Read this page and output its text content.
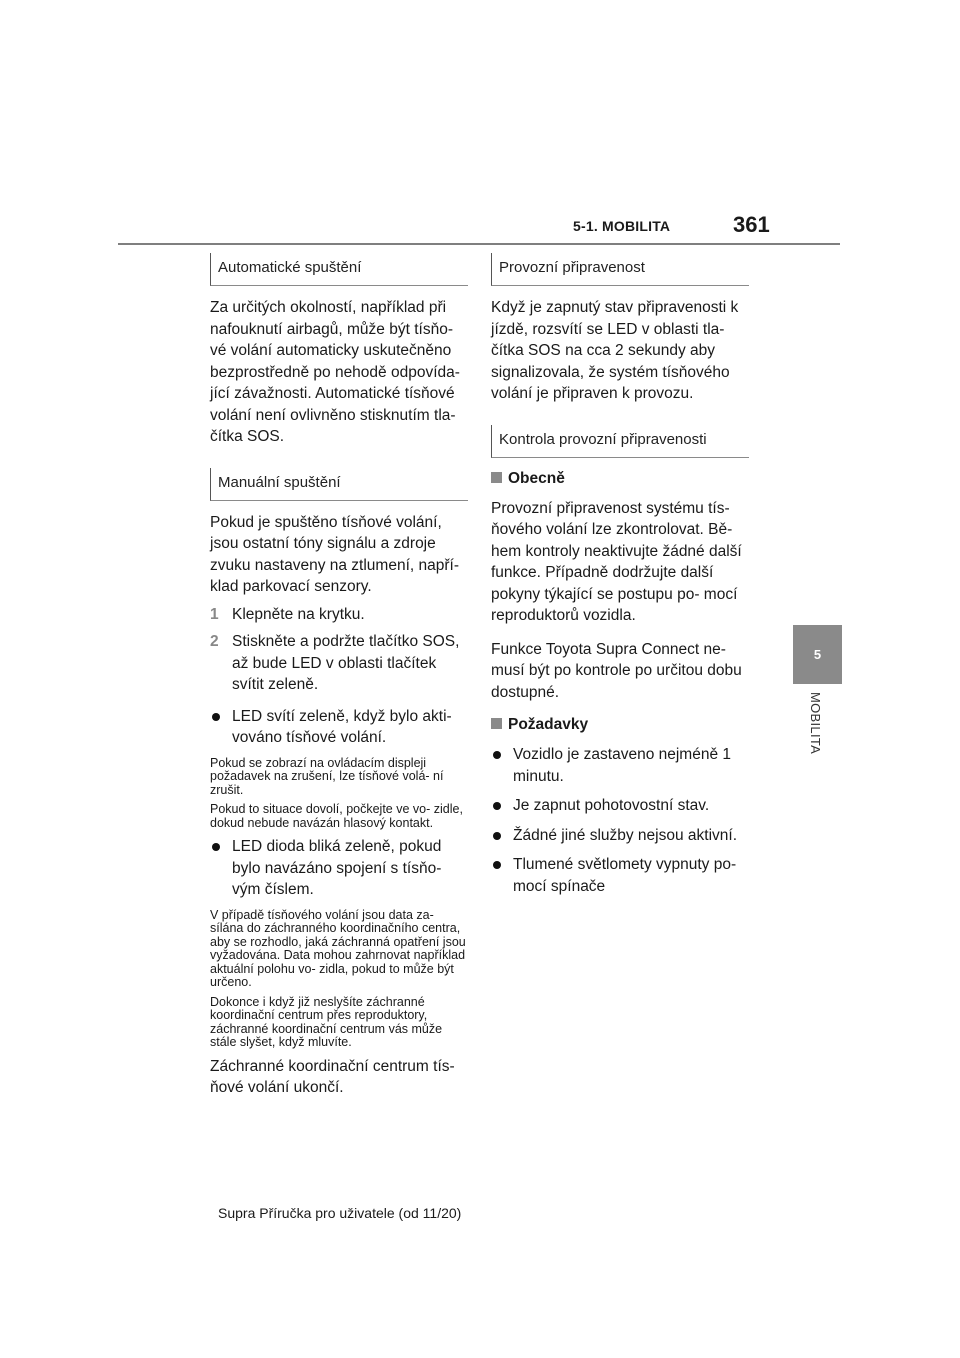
5-1. MOBILITA	361
5
MOBILITA
Automatické spuštění

Za určitých okolností, například při nafouknutí airbagů, může být tísňo- vé volání automaticky uskutečněno bezprostředně po nehodě odpovída- jící závažnosti. Automatické tísňové volání není ovlivněno stisknutím tla- čítka SOS.

Manuální spuštění

Pokud je spuštěno tísňové volání, jsou ostatní tóny signálu a zdroje zvuku nastaveny na ztlumení, napří- klad parkovací senzory.

1 Klepněte na krytku.
2 Stiskněte a podržte tlačítko SOS, až bude LED v oblasti tlačítek svítit zeleně.
LED svítí zeleně, když bylo akti- vováno tísňové volání.

Pokud se zobrazí na ovládacím displeji požadavek na zrušení, lze tísňové volá- ní zrušit.

Pokud to situace dovolí, počkejte ve vo- zidle, dokud nebude navázán hlasový kontakt.

LED dioda bliká zeleně, pokud bylo navázáno spojení s tísňo- vým číslem.

V případě tísňového volání jsou data za- sílána do záchranného koordinačního centra, aby se rozhodlo, jaká záchranná opatření jsou vyžadována. Data mohou zahrnovat například aktuální polohu vo- zidla, pokud to může být určeno.

Dokonce i když již neslyšíte záchranné koordinační centrum přes reproduktory, záchranné koordinační centrum vás může stále slyšet, když mluvíte.

Záchranné koordinační centrum tís- ňové volání ukončí.

Provozní připravenost

Když je zapnutý stav připravenosti k jízdě, rozsvítí se LED v oblasti tla- čítka SOS na cca 2 sekundy aby signalizovala, že systém tísňového volání je připraven k provozu.

Kontrola provozní připravenosti
Obecně

Provozní připravenost systému tís- ňového volání lze zkontrolovat. Bě- hem kontroly neaktivujte žádné další funkce. Případně dodržujte další pokyny týkající se postupu po- mocí reproduktorů vozidla.

Funkce Toyota Supra Connect ne- musí být po kontrole po určitou dobu dostupné.

Požadavky
Vozidlo je zastaveno nejméně 1 minutu.
Je zapnut pohotovostní stav.
Žádné jiné služby nejsou aktivní.
Tlumené světlomety vypnuty po- mocí spínače
Supra Příručka pro uživatele (od 11/20)
